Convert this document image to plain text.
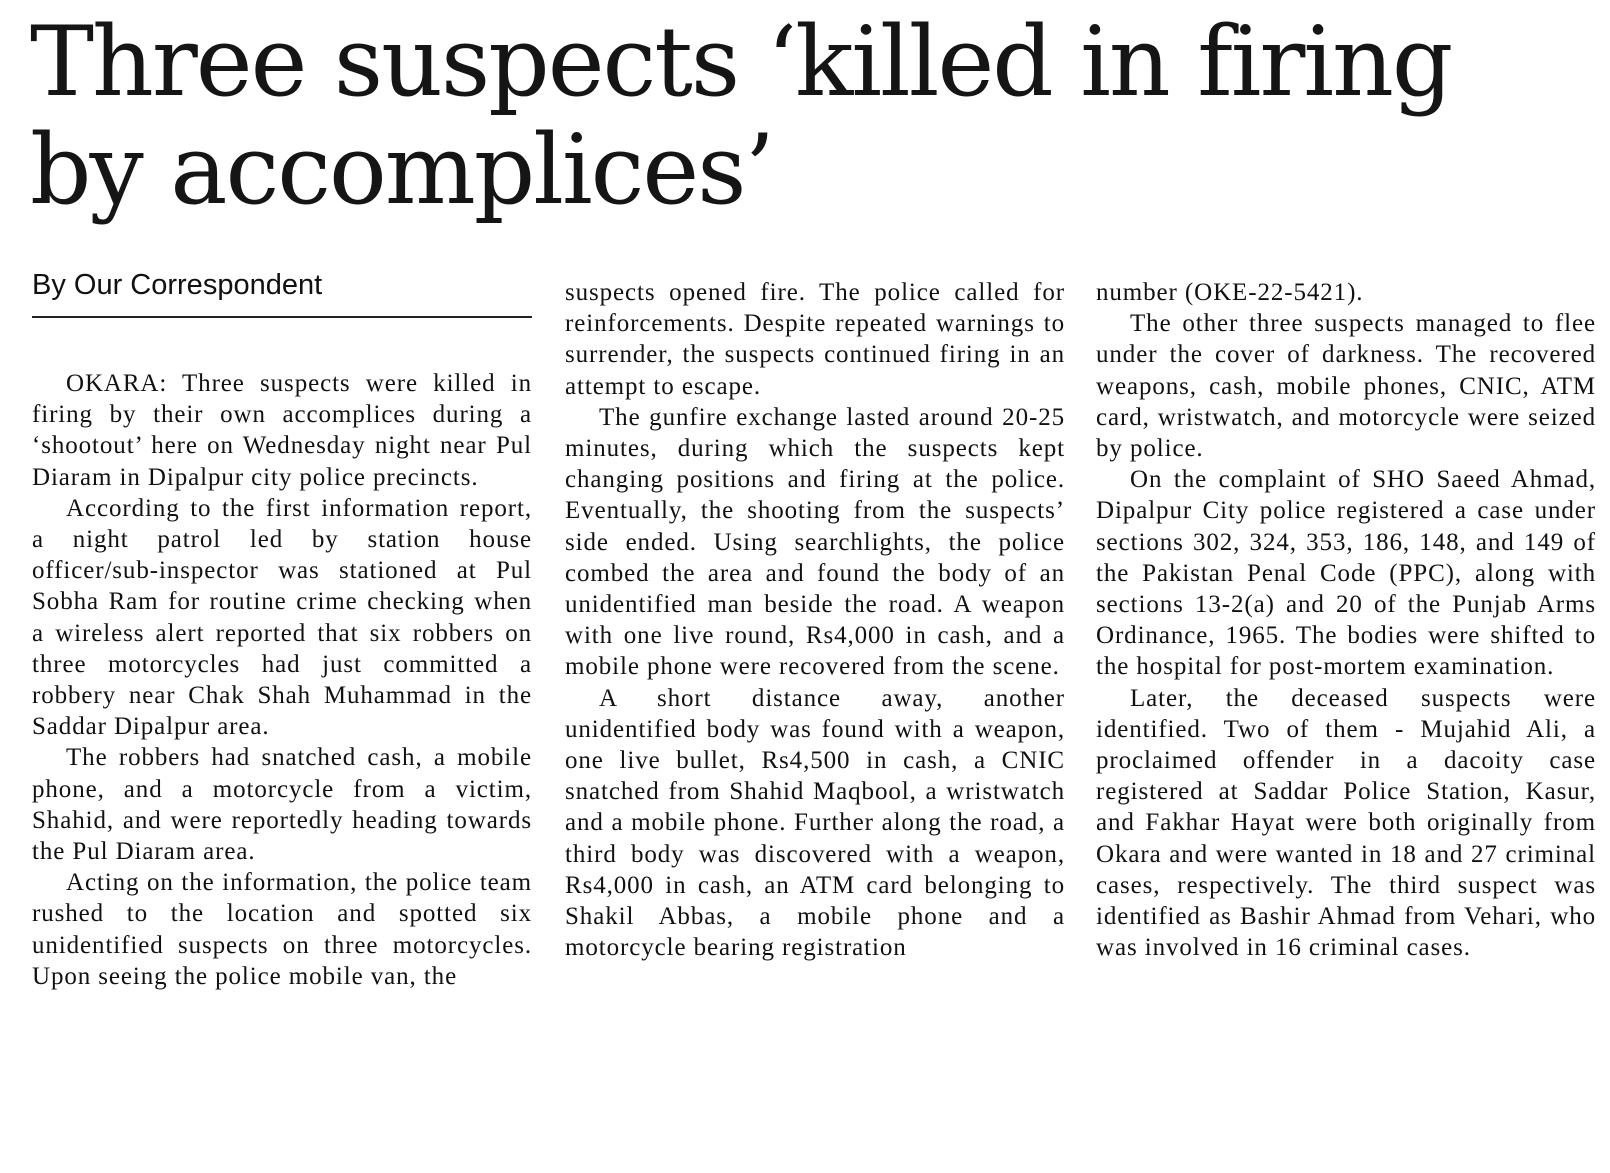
Three suspects ‘killed in firing by accomplices’
By Our Correspondent

OKARA: Three suspects were killed in firing by their own accomplices during a ‘shootout’ here on Wednesday night near Pul Diaram in Dipalpur city police precincts.

According to the first information report, a night patrol led by station house officer/sub-inspector was stationed at Pul Sobha Ram for routine crime checking when a wireless alert reported that six robbers on three motorcycles had just committed a robbery near Chak Shah Muhammad in the Saddar Dipalpur area.

The robbers had snatched cash, a mobile phone, and a motorcycle from a victim, Shahid, and were reportedly heading towards the Pul Diaram area.

Acting on the information, the police team rushed to the location and spotted six unidentified suspects on three motorcycles. Upon seeing the police mobile van, the

suspects opened fire. The police called for reinforcements. Despite repeated warnings to surrender, the suspects continued firing in an attempt to escape.

The gunfire exchange lasted around 20-25 minutes, during which the suspects kept changing positions and firing at the police. Eventually, the shooting from the suspects’ side ended. Using searchlights, the police combed the area and found the body of an unidentified man beside the road. A weapon with one live round, Rs4,000 in cash, and a mobile phone were recovered from the scene.

A short distance away, another unidentified body was found with a weapon, one live bullet, Rs4,500 in cash, a CNIC snatched from Shahid Maqbool, a wristwatch and a mobile phone. Further along the road, a third body was discovered with a weapon, Rs4,000 in cash, an ATM card belonging to Shakil Abbas, a mobile phone and a motorcycle bearing registration

number (OKE-22-5421).

The other three suspects managed to flee under the cover of darkness. The recovered weapons, cash, mobile phones, CNIC, ATM card, wristwatch, and motorcycle were seized by police.

On the complaint of SHO Saeed Ahmad, Dipalpur City police registered a case under sections 302, 324, 353, 186, 148, and 149 of the Pakistan Penal Code (PPC), along with sections 13-2(a) and 20 of the Punjab Arms Ordinance, 1965. The bodies were shifted to the hospital for post-mortem examination.

Later, the deceased suspects were identified. Two of them - Mujahid Ali, a proclaimed offender in a dacoity case registered at Saddar Police Station, Kasur, and Fakhar Hayat were both originally from Okara and were wanted in 18 and 27 criminal cases, respectively. The third suspect was identified as Bashir Ahmad from Vehari, who was involved in 16 criminal cases.
